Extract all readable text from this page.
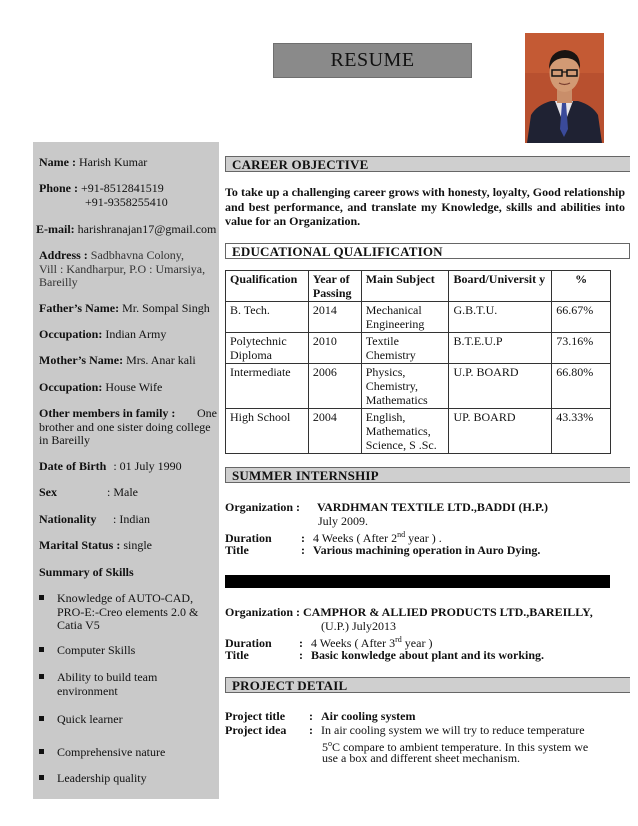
RESUME
Name : Harish Kumar
Phone : +91-8512841519
+91-9358255410
E-mail: harishranajan17@gmail.com
Address : Sadbhavna Colony,
Vill : Kandharpur, P.O : Umarsiya,
Bareilly
Father’s Name: Mr. Sompal Singh
Occupation: Indian Army
Mother’s Name: Mrs. Anar kali
Occupation: House Wife
Other members in family : One
brother and one sister doing college
in Bareilly
Date of Birth : 01 July 1990
Sex	: Male
Nationality : Indian
Marital Status : single
Summary of Skills
Knowledge of AUTO-CAD, PRO-E:-Creo elements 2.0 & Catia V5
Computer Skills
Ability to build team environment
Quick learner
Comprehensive nature
Leadership quality
CAREER OBJECTIVE
To take up a challenging career grows with honesty, loyalty, Good relationship and best performance, and translate my Knowledge, skills and abilities into value for an Organization.
EDUCATIONAL QUALIFICATION
Qualification	Year of Passing	Main Subject	Board/Universit y	%
B. Tech.	2014	Mechanical Engineering	G.B.T.U.	66.67%
Polytechnic Diploma	2010	Textile Chemistry	B.T.E.U.P	73.16%
Intermediate	2006	Physics, Chemistry, Mathematics	U.P. BOARD	66.80%
High School	2004	English, Mathematics, Science, S .Sc.	UP. BOARD	43.33%
SUMMER INTERNSHIP
Organization : VARDHMAN TEXTILE LTD.,BADDI (H.P.)
July 2009.
Duration : 4 Weeks ( After 2nd year ) .
Title	: Various machining operation in Auro Dying.
Organization : CAMPHOR & ALLIED PRODUCTS LTD.,BAREILLY,
(U.P.) July2013
Duration : 4 Weeks ( After 3rd year )
Title	: Basic konwledge about plant and its working.
PROJECT DETAIL
Project title : Air cooling system
Project idea : In air cooling system we will try to reduce temperature
5$^o$C compare to ambient temperature. In this system we
use a box and different sheet mechanism.
